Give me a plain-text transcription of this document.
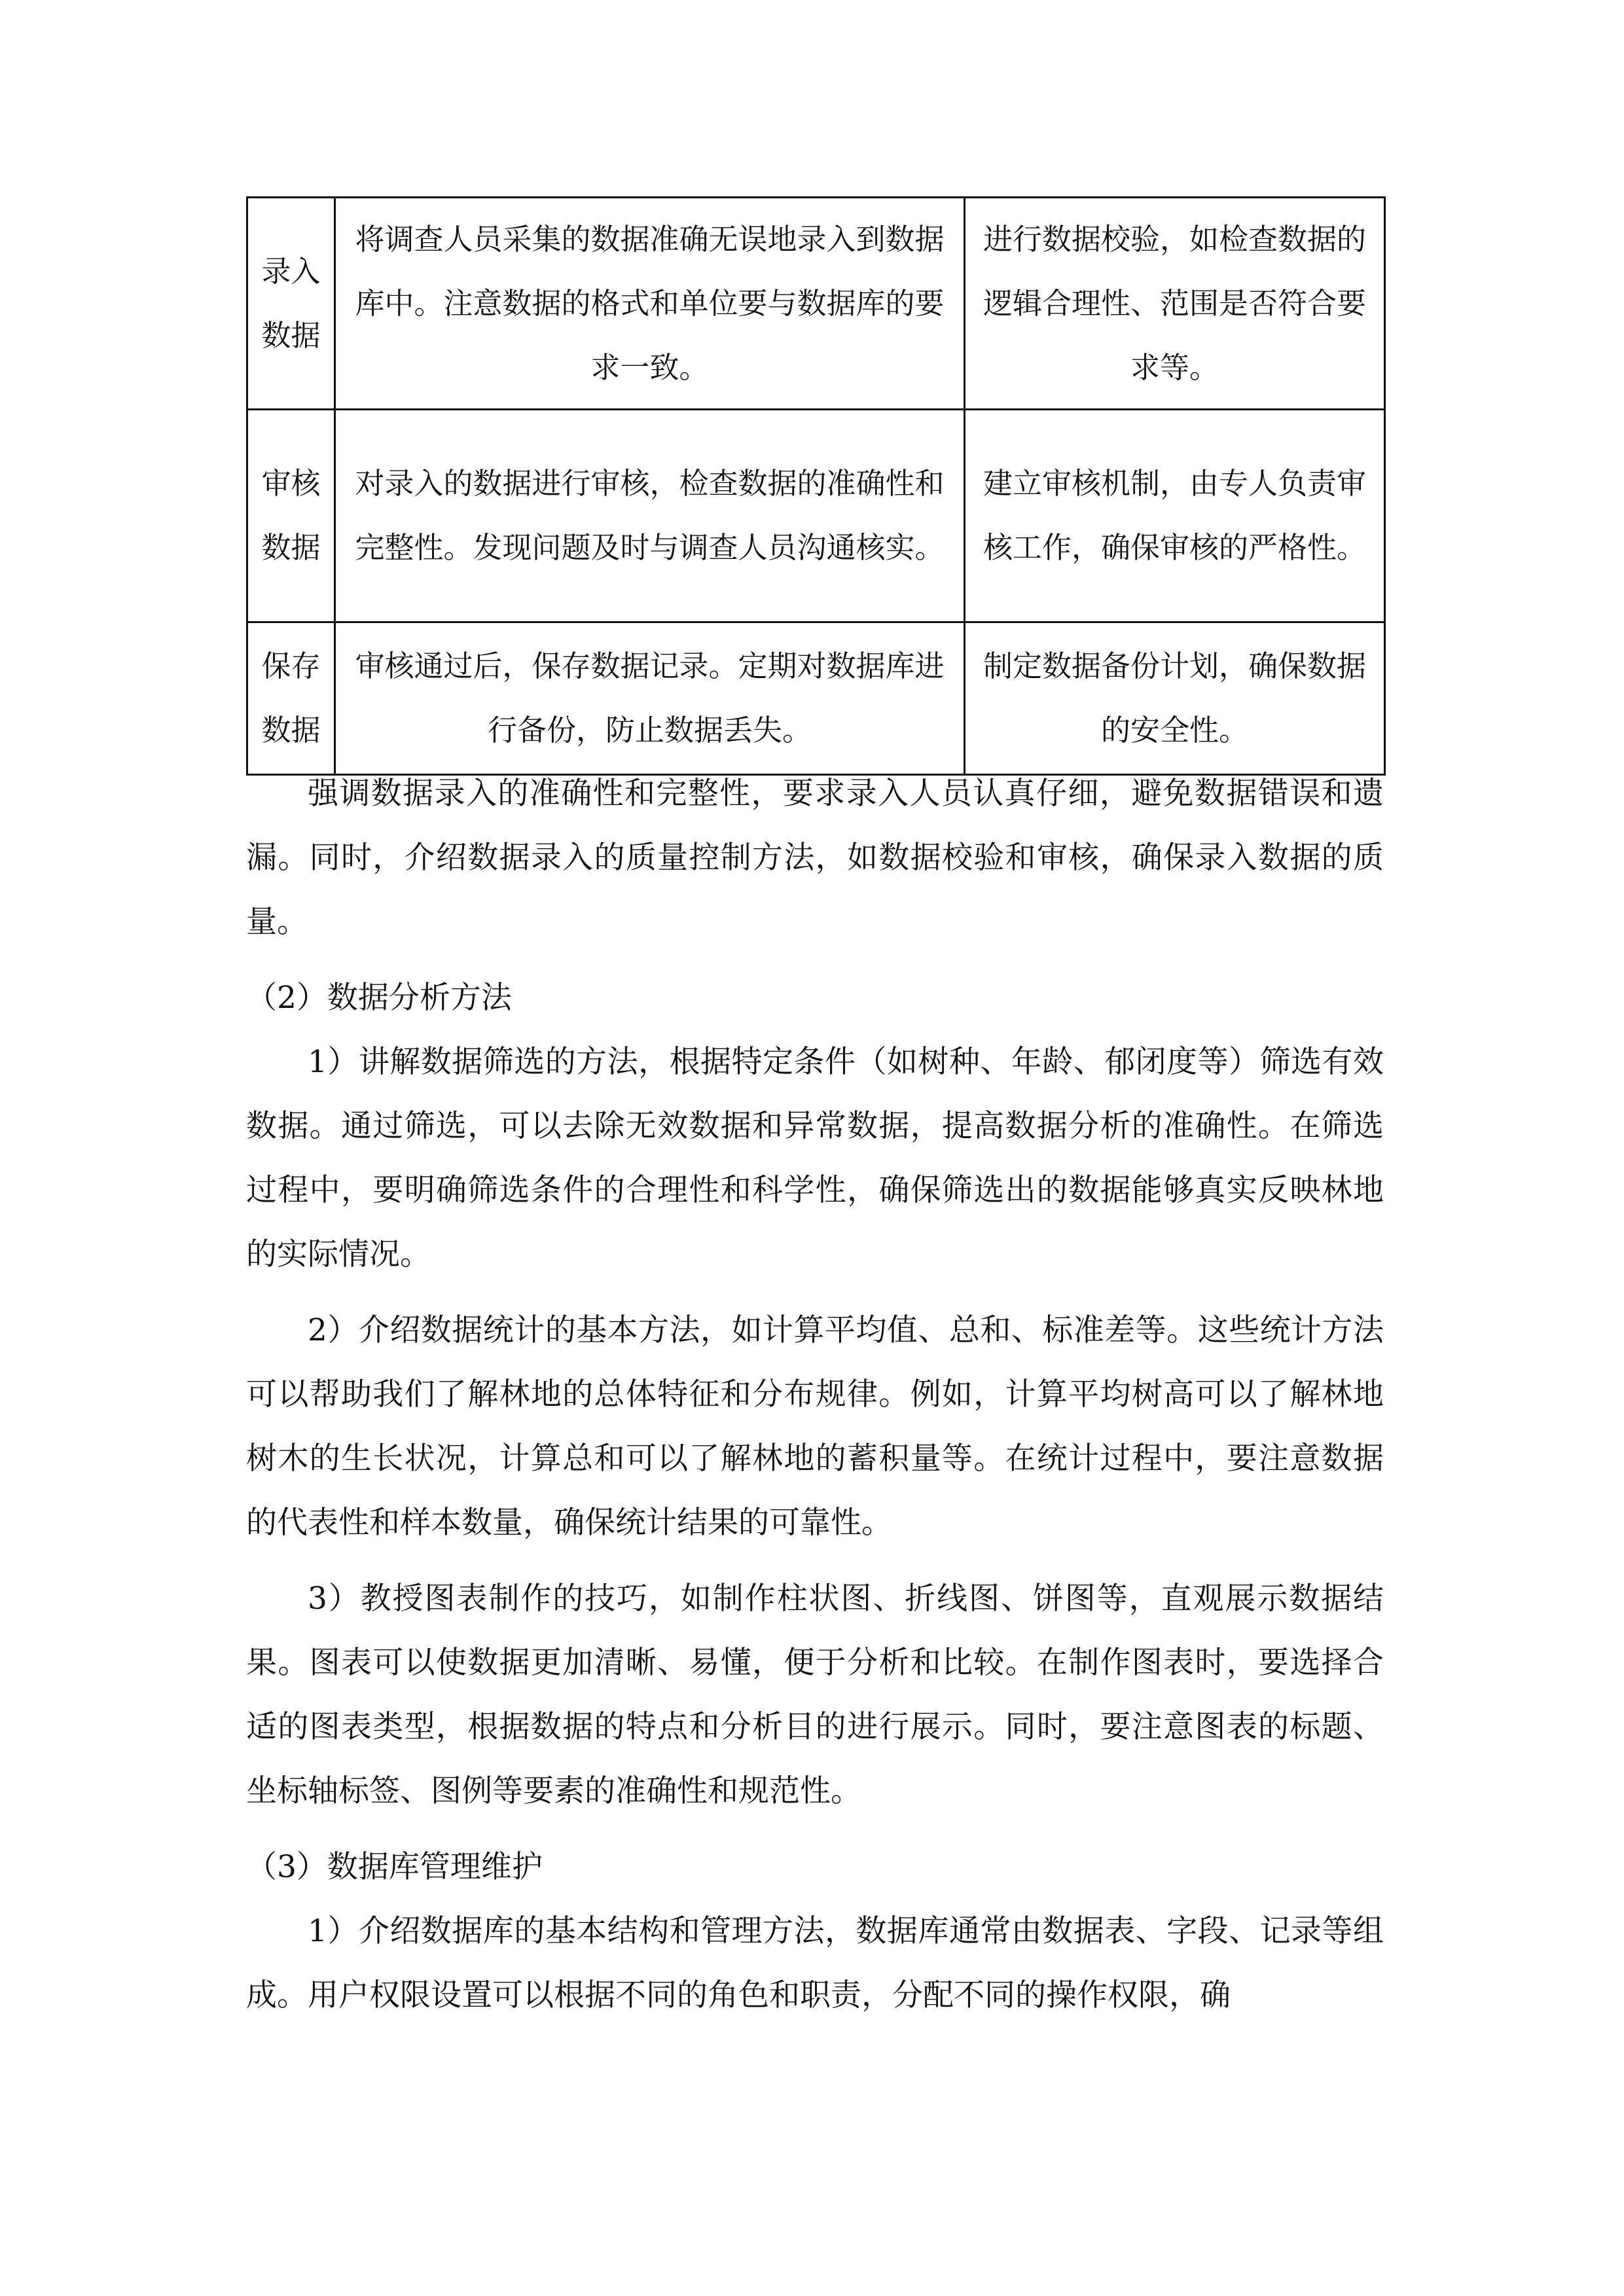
录入数据	将调查人员采集的数据准确无误地录入到数据库中。注意数据的格式和单位要与数据库的要求一致。	进行数据校验，如检查数据的逻辑合理性、范围是否符合要求等。
审核数据	对录入的数据进行审核，检查数据的准确性和完整性。发现问题及时与调查人员沟通核实。	建立审核机制，由专人负责审核工作，确保审核的严格性。
保存数据	审核通过后，保存数据记录。定期对数据库进行备份，防止数据丢失。	制定数据备份计划，确保数据的安全性。

强调数据录入的准确性和完整性，要求录入人员认真仔细，避免数据错误和遗漏。同时，介绍数据录入的质量控制方法，如数据校验和审核，确保录入数据的质量。

（2）数据分析方法

1）讲解数据筛选的方法，根据特定条件（如树种、年龄、郁闭度等）筛选有效数据。通过筛选，可以去除无效数据和异常数据，提高数据分析的准确性。在筛选过程中，要明确筛选条件的合理性和科学性，确保筛选出的数据能够真实反映林地的实际情况。

2）介绍数据统计的基本方法，如计算平均值、总和、标准差等。这些统计方法可以帮助我们了解林地的总体特征和分布规律。例如，计算平均树高可以了解林地树木的生长状况，计算总和可以了解林地的蓄积量等。在统计过程中，要注意数据的代表性和样本数量，确保统计结果的可靠性。

3）教授图表制作的技巧，如制作柱状图、折线图、饼图等，直观展示数据结果。图表可以使数据更加清晰、易懂，便于分析和比较。在制作图表时，要选择合适的图表类型，根据数据的特点和分析目的进行展示。同时，要注意图表的标题、坐标轴标签、图例等要素的准确性和规范性。

（3）数据库管理维护

1）介绍数据库的基本结构和管理方法，数据库通常由数据表、字段、记录等组成。用户权限设置可以根据不同的角色和职责，分配不同的操作权限，确
